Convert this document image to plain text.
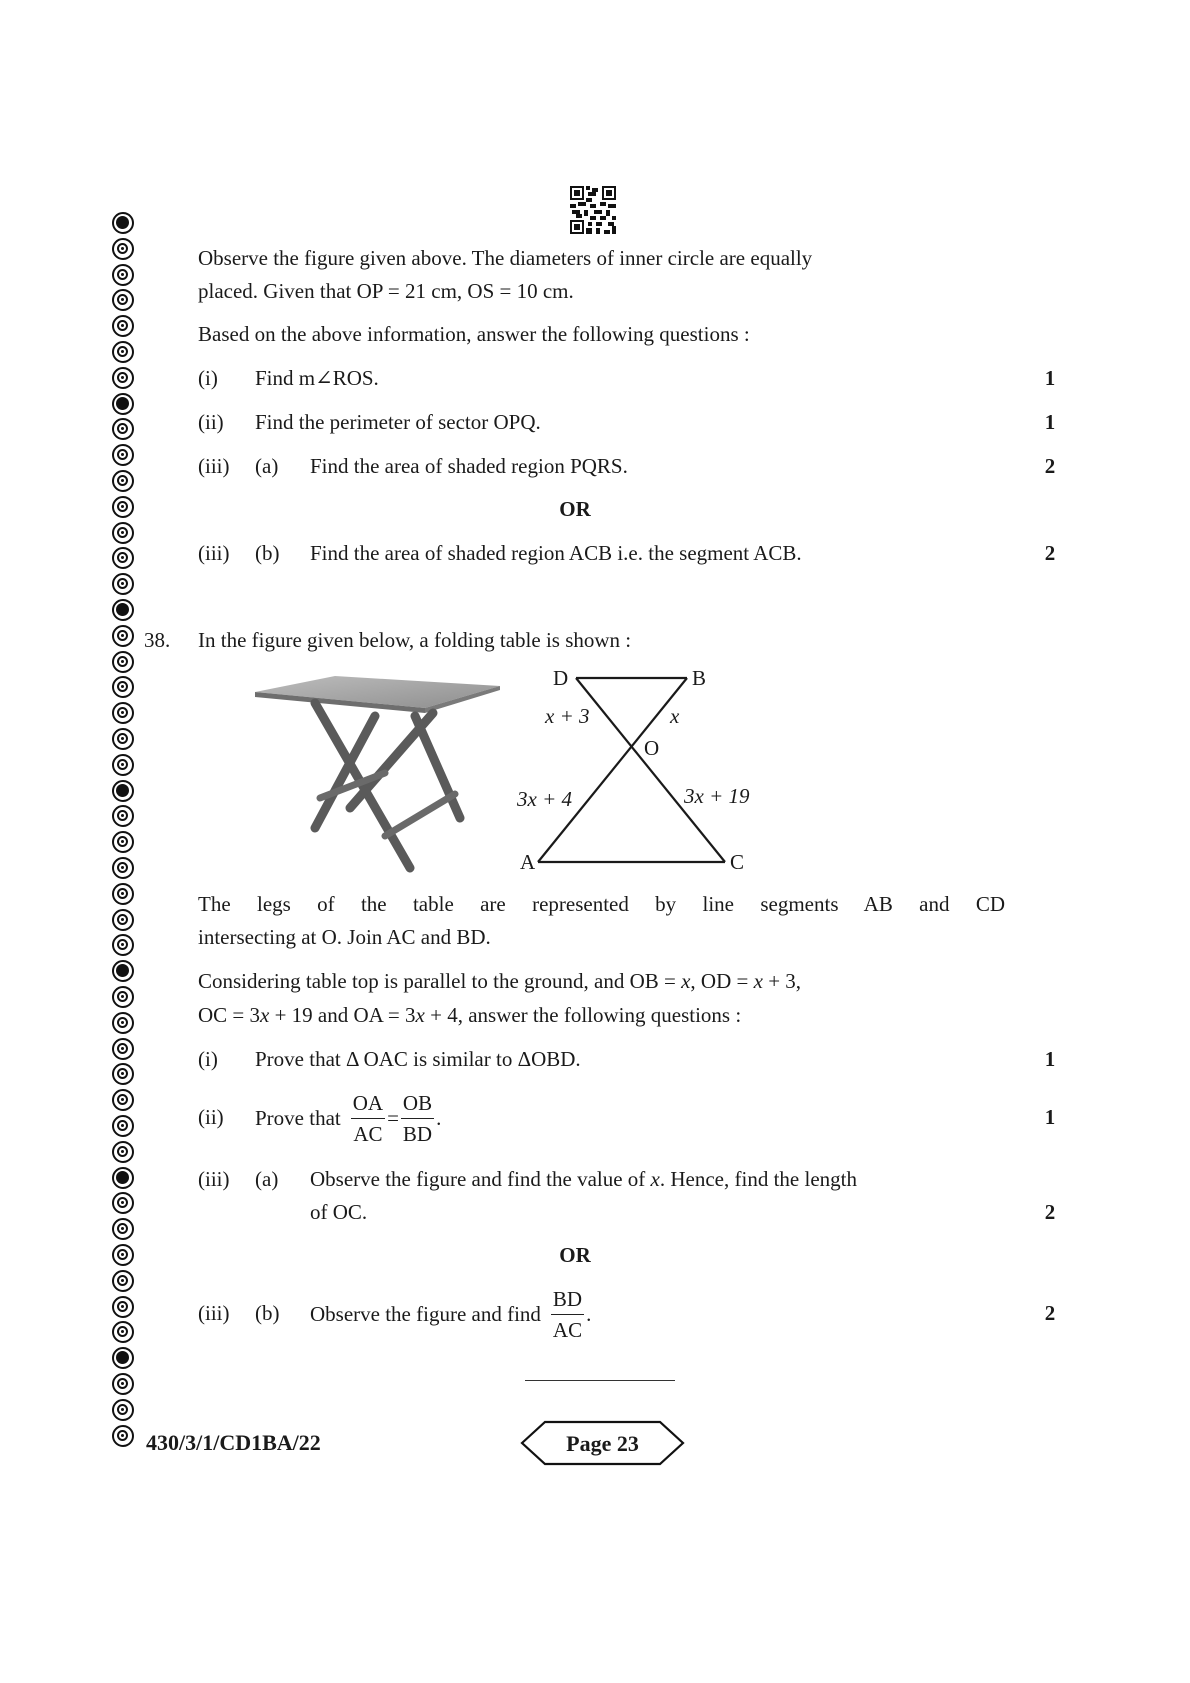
Observe the figure given above. The diameters of inner circle are equally
placed. Given that OP = 21 cm, OS = 10 cm.
Based on the above information, answer the following questions :
(i) Find m∠ROS.	1
(ii) Find the perimeter of sector OPQ.	1
(iii) (a) Find the area of shaded region PQRS.	2
OR
(iii) (b) Find the area of shaded region ACB i.e. the segment ACB.	2
38. In the figure given below, a folding table is shown :
D	B
O
A	C
x + 3	x
3x + 4	3x + 19
The legs of the table are represented by line segments AB and CD
intersecting at O. Join AC and BD.
Considering table top is parallel to the ground, and OB = x, OD = x + 3,
OC = 3x + 19 and OA = 3x + 4, answer the following questions :
(i) Prove that Δ OAC is similar to ΔOBD.	1
(ii) Prove that $\frac{OA}{AC} = \frac{OB}{BD}$ .	1
(iii) (a) Observe the figure and find the value of x. Hence, find the length
of OC.	2
OR
(iii) (b) Observe the figure and find $\frac{BD}{AC}$ .	2
430/3/1/CD1BA/22	Page 23
